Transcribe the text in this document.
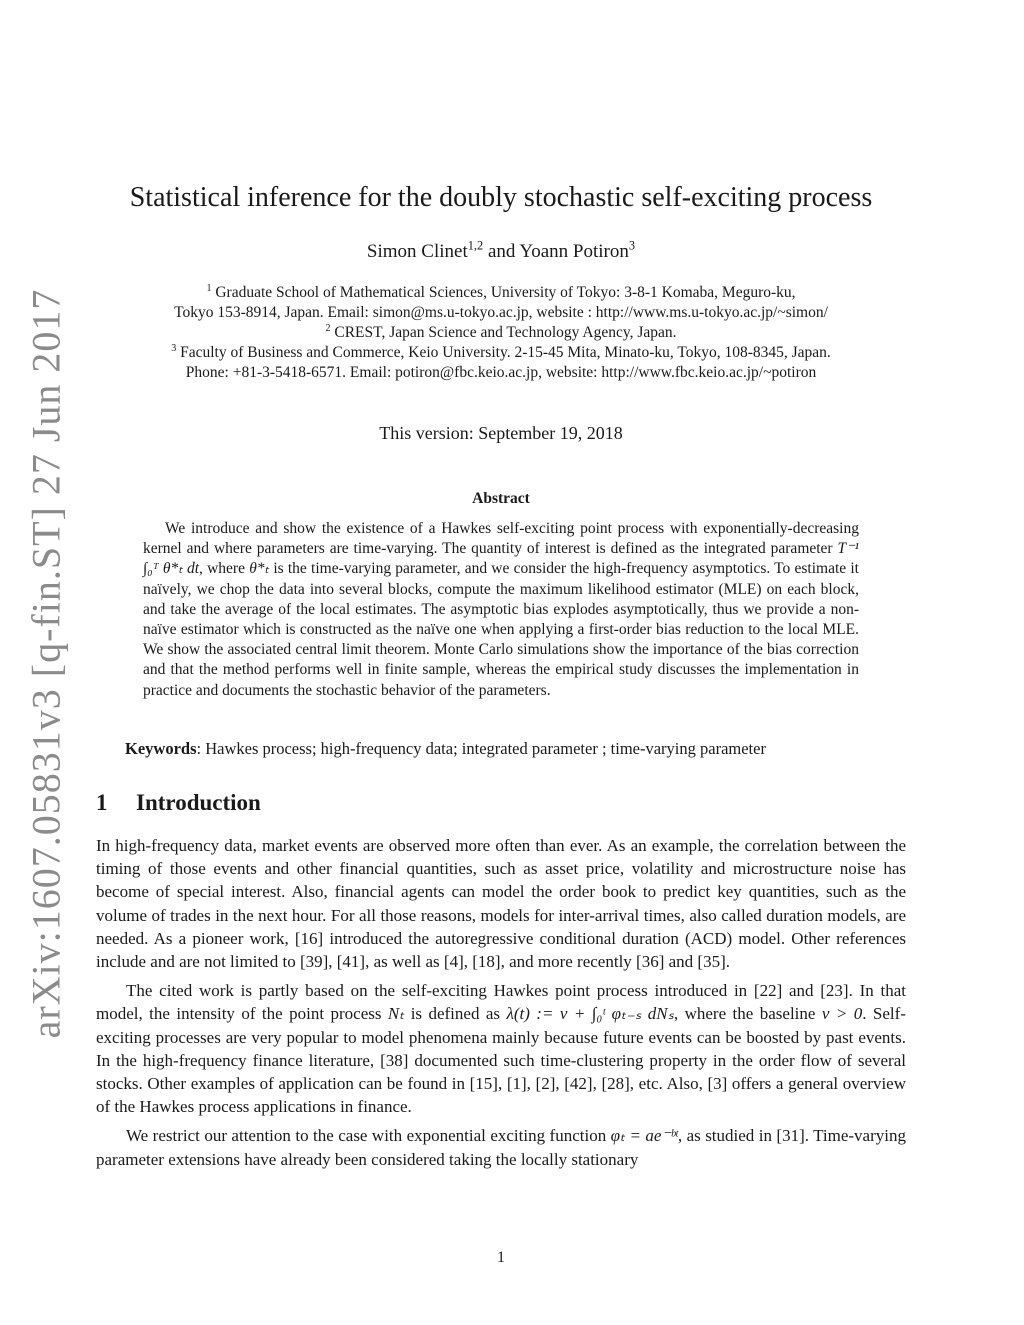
arXiv:1607.05831v3 [q-fin.ST] 27 Jun 2017
Statistical inference for the doubly stochastic self-exciting process
Simon Clinet$^{1,2}$ and Yoann Potiron$^3$
$^1$ Graduate School of Mathematical Sciences, University of Tokyo: 3-8-1 Komaba, Meguro-ku,
Tokyo 153-8914, Japan. Email: simon@ms.u-tokyo.ac.jp, website : http://www.ms.u-tokyo.ac.jp/~simon/
$^2$ CREST, Japan Science and Technology Agency, Japan.
$^3$ Faculty of Business and Commerce, Keio University. 2-15-45 Mita, Minato-ku, Tokyo, 108-8345, Japan.
Phone: +81-3-5418-6571. Email: potiron@fbc.keio.ac.jp, website: http://www.fbc.keio.ac.jp/~potiron
This version: September 19, 2018
Abstract

We introduce and show the existence of a Hawkes self-exciting point process with exponentially-decreasing kernel and where parameters are time-varying. The quantity of interest is defined as the integrated parameter T⁻¹ ∫₀ᵀ θ*ₜ dt, where θ*ₜ is the time-varying parameter, and we consider the high-frequency asymptotics. To estimate it naïvely, we chop the data into several blocks, compute the maximum likelihood estimator (MLE) on each block, and take the average of the local estimates. The asymptotic bias explodes asymptotically, thus we provide a non-naïve estimator which is constructed as the naïve one when applying a first-order bias reduction to the local MLE. We show the associated central limit theorem. Monte Carlo simulations show the importance of the bias correction and that the method performs well in finite sample, whereas the empirical study discusses the implementation in practice and documents the stochastic behavior of the parameters.

Keywords: Hawkes process; high-frequency data; integrated parameter ; time-varying parameter
1 Introduction

In high-frequency data, market events are observed more often than ever. As an example, the correlation between the timing of those events and other financial quantities, such as asset price, volatility and microstructure noise has become of special interest. Also, financial agents can model the order book to predict key quantities, such as the volume of trades in the next hour. For all those reasons, models for inter-arrival times, also called duration models, are needed. As a pioneer work, [16] introduced the autoregressive conditional duration (ACD) model. Other references include and are not limited to [39], [41], as well as [4], [18], and more recently [36] and [35].

The cited work is partly based on the self-exciting Hawkes point process introduced in [22] and [23]. In that model, the intensity of the point process Nₜ is defined as λ(t) := ν + ∫₀ᵗ φₜ₋ₛ dNₛ, where the baseline ν > 0. Self-exciting processes are very popular to model phenomena mainly because future events can be boosted by past events. In the high-frequency finance literature, [38] documented such time-clustering property in the order flow of several stocks. Other examples of application can be found in [15], [1], [2], [42], [28], etc. Also, [3] offers a general overview of the Hawkes process applications in finance.

We restrict our attention to the case with exponential exciting function φₜ = ae⁻ᵇᵗ, as studied in [31]. Time-varying parameter extensions have already been considered taking the locally stationary

1
